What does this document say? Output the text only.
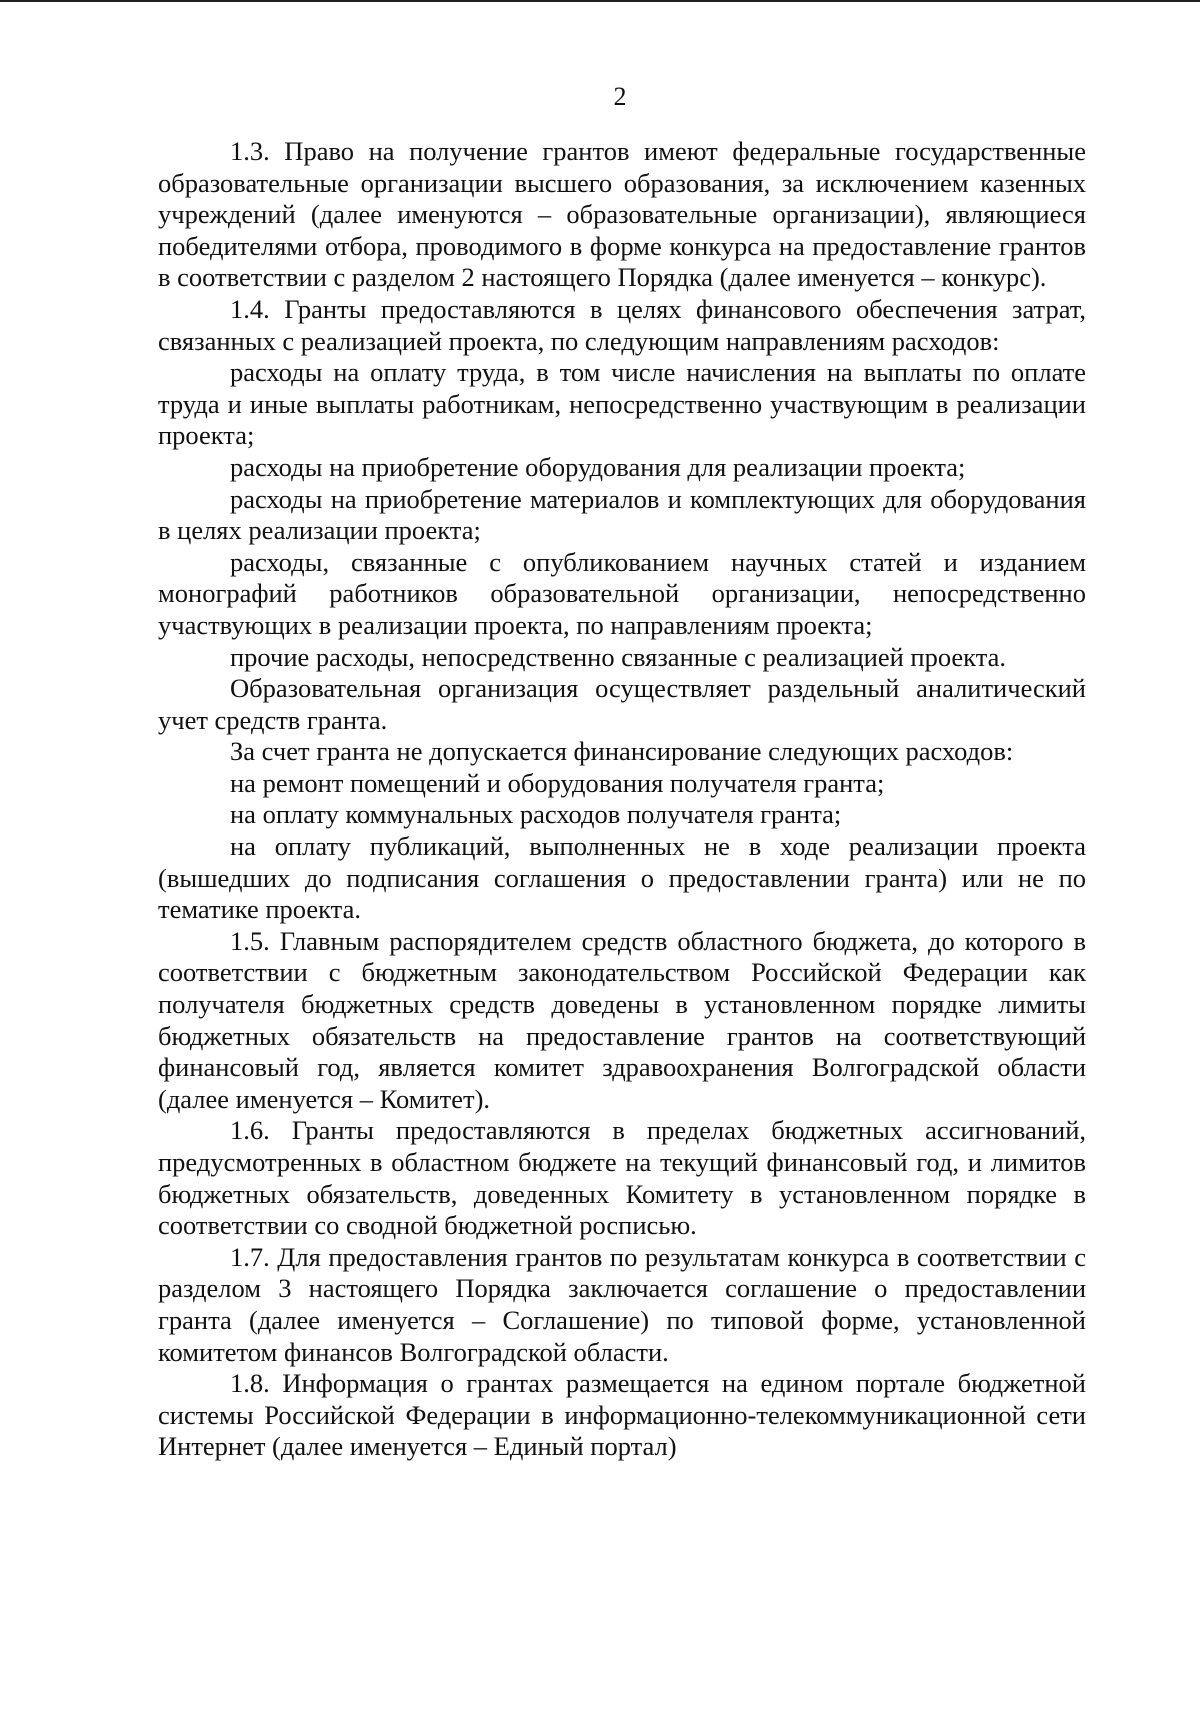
2

1.3. Право на получение грантов имеют федеральные государственные образовательные организации высшего образования, за исключением казенных учреждений (далее именуются – образовательные организации), являющиеся победителями отбора, проводимого в форме конкурса на предоставление грантов в соответствии с разделом 2 настоящего Порядка (далее именуется – конкурс).

1.4. Гранты предоставляются в целях финансового обеспечения затрат, связанных с реализацией проекта, по следующим направлениям расходов:

расходы на оплату труда, в том числе начисления на выплаты по оплате труда и иные выплаты работникам, непосредственно участвующим в реализации проекта;

расходы на приобретение оборудования для реализации проекта;

расходы на приобретение материалов и комплектующих для оборудования в целях реализации проекта;

расходы, связанные с опубликованием научных статей и изданием монографий работников образовательной организации, непосредственно участвующих в реализации проекта, по направлениям проекта;

прочие расходы, непосредственно связанные с реализацией проекта.

Образовательная организация осуществляет раздельный аналитический учет средств гранта.

За счет гранта не допускается финансирование следующих расходов:

на ремонт помещений и оборудования получателя гранта;

на оплату коммунальных расходов получателя гранта;

на оплату публикаций, выполненных не в ходе реализации проекта (вышедших до подписания соглашения о предоставлении гранта) или не по тематике проекта.

1.5. Главным распорядителем средств областного бюджета, до которого в соответствии с бюджетным законодательством Российской Федерации как получателя бюджетных средств доведены в установленном порядке лимиты бюджетных обязательств на предоставление грантов на соответствующий финансовый год, является комитет здравоохранения Волгоградской области (далее именуется – Комитет).

1.6. Гранты предоставляются в пределах бюджетных ассигнований, предусмотренных в областном бюджете на текущий финансовый год, и лимитов бюджетных обязательств, доведенных Комитету в установленном порядке в соответствии со сводной бюджетной росписью.

1.7. Для предоставления грантов по результатам конкурса в соответствии с разделом 3 настоящего Порядка заключается соглашение о предоставлении гранта (далее именуется – Соглашение) по типовой форме, установленной комитетом финансов Волгоградской области.

1.8. Информация о грантах размещается на едином портале бюджетной системы Российской Федерации в информационно-телекоммуникационной сети Интернет (далее именуется – Единый портал)
